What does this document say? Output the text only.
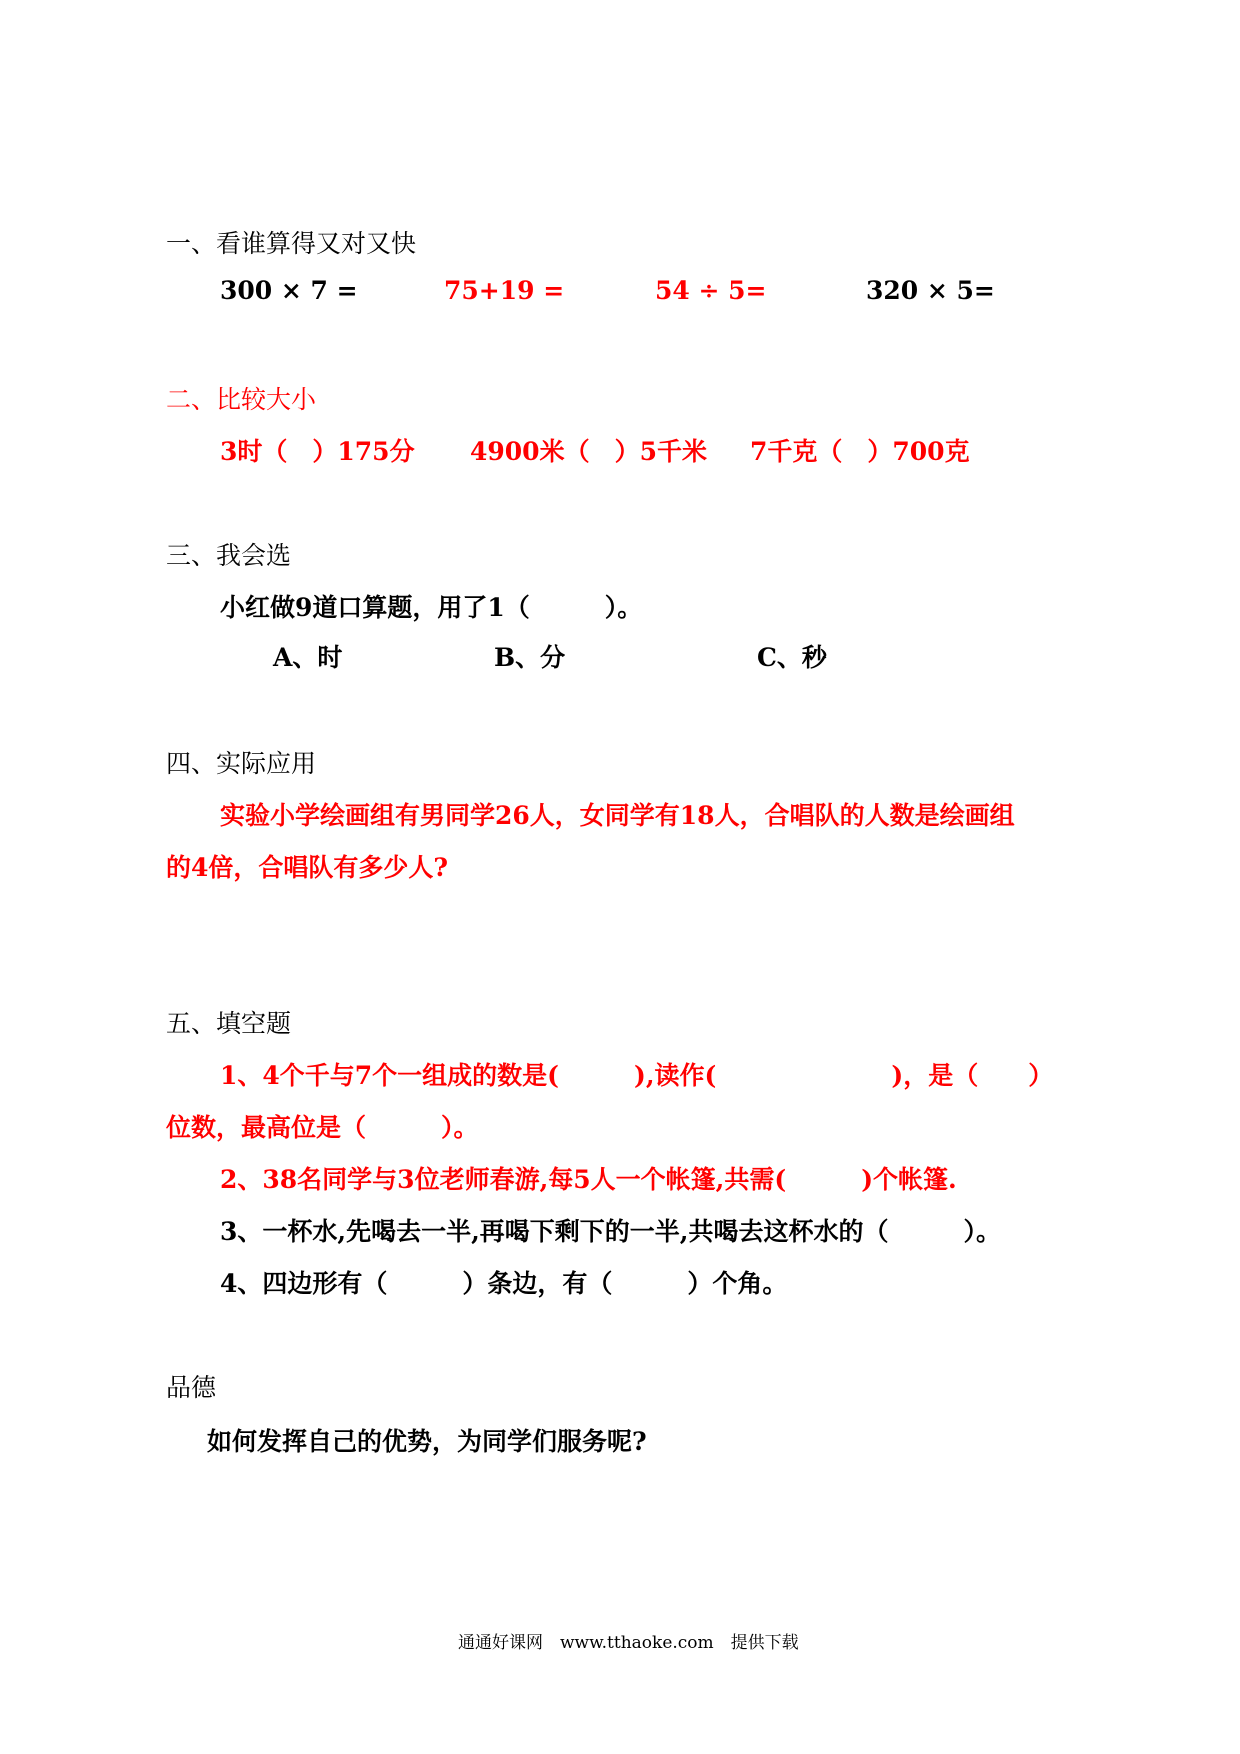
一、看谁算得又对又快
300 × 7 =	75+19 =	54 ÷ 5=	320 × 5=
二、比较大小
3时（　）175分 4900米（　）5千米 7千克（　）700克
三、我会选
小红做9道口算题，用了1（　　　）。
A、时	B、分	C、秒
四、实际应用
实验小学绘画组有男同学26人，女同学有18人，合唱队的人数是绘画组
的4倍，合唱队有多少人?
五、填空题
1、4个千与7个一组成的数是(　　　),读作(　　　　　　　)，是（　　）
位数，最高位是（　　　）。
2、38名同学与3位老师春游,每5人一个帐篷,共需(　　　)个帐篷.
3、一杯水,先喝去一半,再喝下剩下的一半,共喝去这杯水的（　　　）。
4、四边形有（　　　）条边，有（　　　）个角。
品德
如何发挥自己的优势，为同学们服务呢?
通通好课网　www.tthaoke.com　提供下载
